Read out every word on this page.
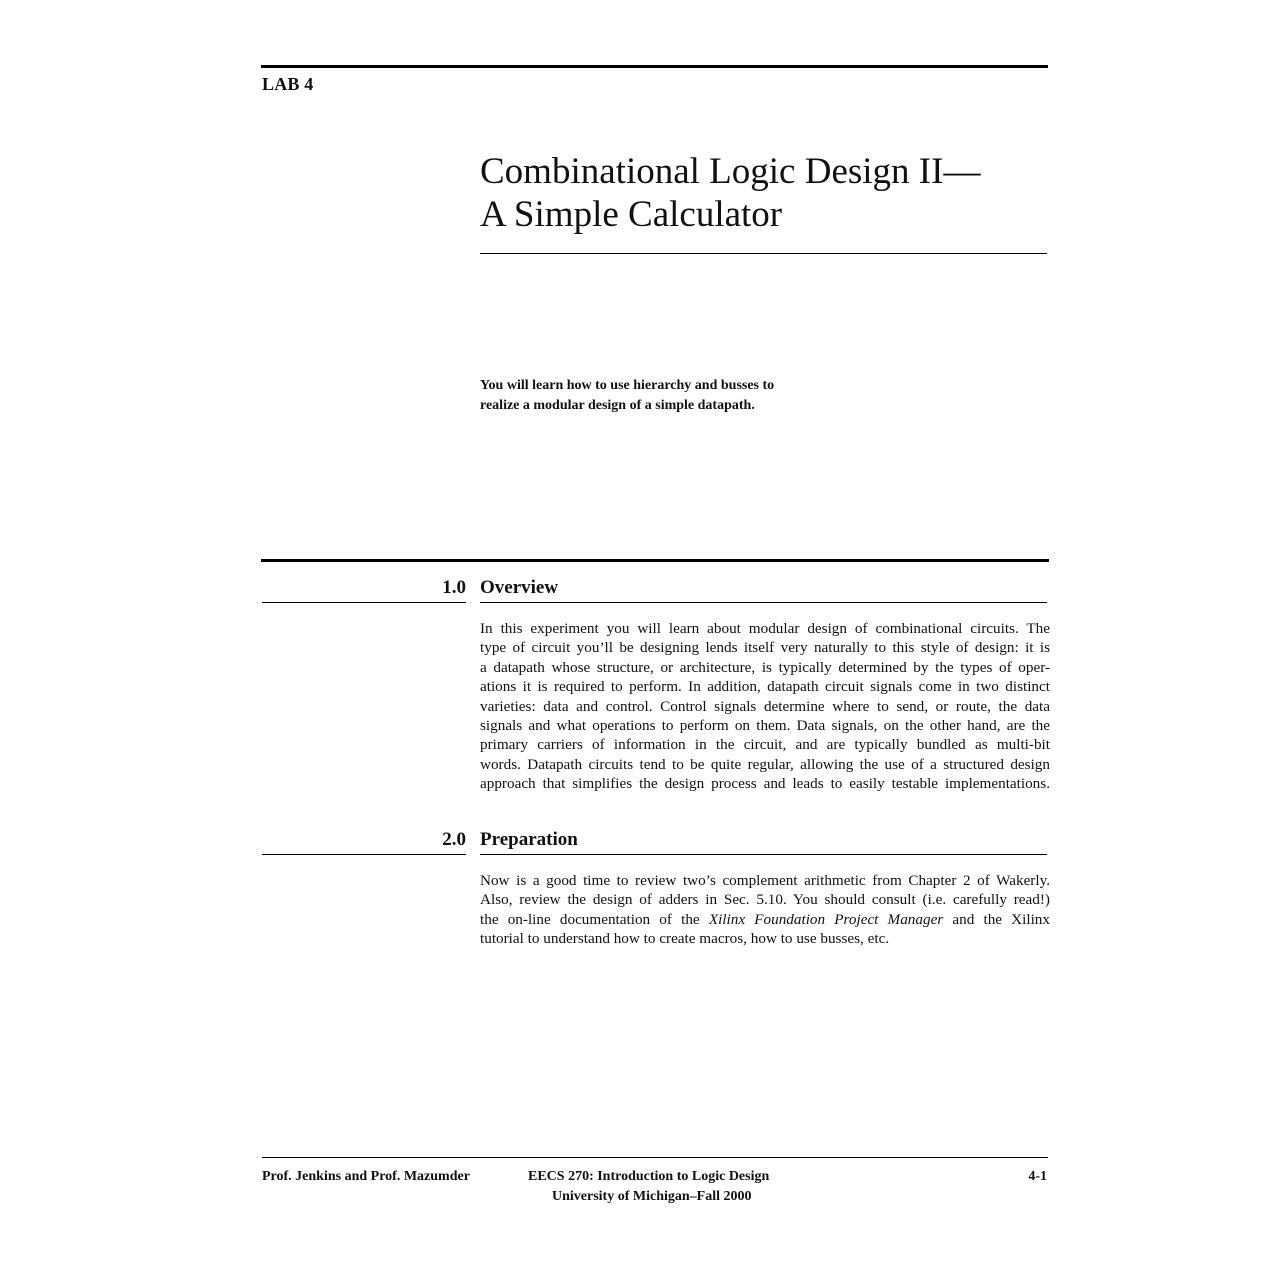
LAB 4
Combinational Logic Design II—
A Simple Calculator
You will learn how to use hierarchy and busses to
realize a modular design of a simple datapath.
1.0 Overview
In this experiment you will learn about modular design of combinational circuits. The
type of circuit you’ll be designing lends itself very naturally to this style of design: it is
a datapath whose structure, or architecture, is typically determined by the types of oper-
ations it is required to perform. In addition, datapath circuit signals come in two distinct
varieties: data and control. Control signals determine where to send, or route, the data
signals and what operations to perform on them. Data signals, on the other hand, are the
primary carriers of information in the circuit, and are typically bundled as multi-bit
words. Datapath circuits tend to be quite regular, allowing the use of a structured design
approach that simplifies the design process and leads to easily testable implementations.
2.0 Preparation
Now is a good time to review two’s complement arithmetic from Chapter 2 of Wakerly.
Also, review the design of adders in Sec. 5.10. You should consult (i.e. carefully read!)
the on-line documentation of the Xilinx Foundation Project Manager and the Xilinx
tutorial to understand how to create macros, how to use busses, etc.
Prof. Jenkins and Prof. Mazumder	EECS 270: Introduction to Logic Design
University of Michigan–Fall 2000
4-1
